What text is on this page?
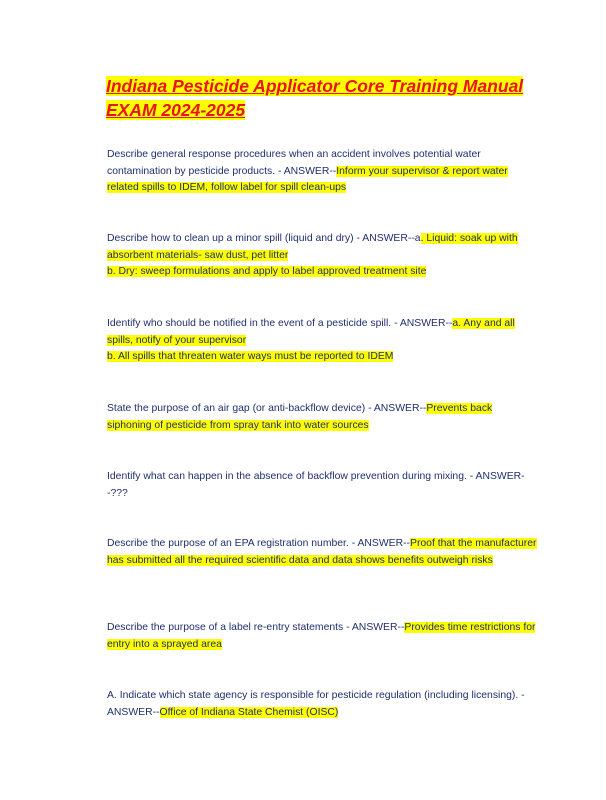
Indiana Pesticide Applicator Core Training Manual
EXAM 2024-2025

Describe general response procedures when an accident involves potential water contamination by pesticide products. - ANSWER--Inform your supervisor & report water related spills to IDEM, follow label for spill clean-ups

Describe how to clean up a minor spill (liquid and dry) - ANSWER--a. Liquid: soak up with absorbent materials- saw dust, pet litter
b. Dry: sweep formulations and apply to label approved treatment site

Identify who should be notified in the event of a pesticide spill. - ANSWER--a. Any and all spills, notify of your supervisor
b. All spills that threaten water ways must be reported to IDEM

State the purpose of an air gap (or anti-backflow device) - ANSWER--Prevents back siphoning of pesticide from spray tank into water sources

Identify what can happen in the absence of backflow prevention during mixing. - ANSWER--???

Describe the purpose of an EPA registration number. - ANSWER--Proof that the manufacturer has submitted all the required scientific data and data shows benefits outweigh risks

Describe the purpose of a label re-entry statements - ANSWER--Provides time restrictions for entry into a sprayed area

A. Indicate which state agency is responsible for pesticide regulation (including licensing). - ANSWER--Office of Indiana State Chemist (OISC)
